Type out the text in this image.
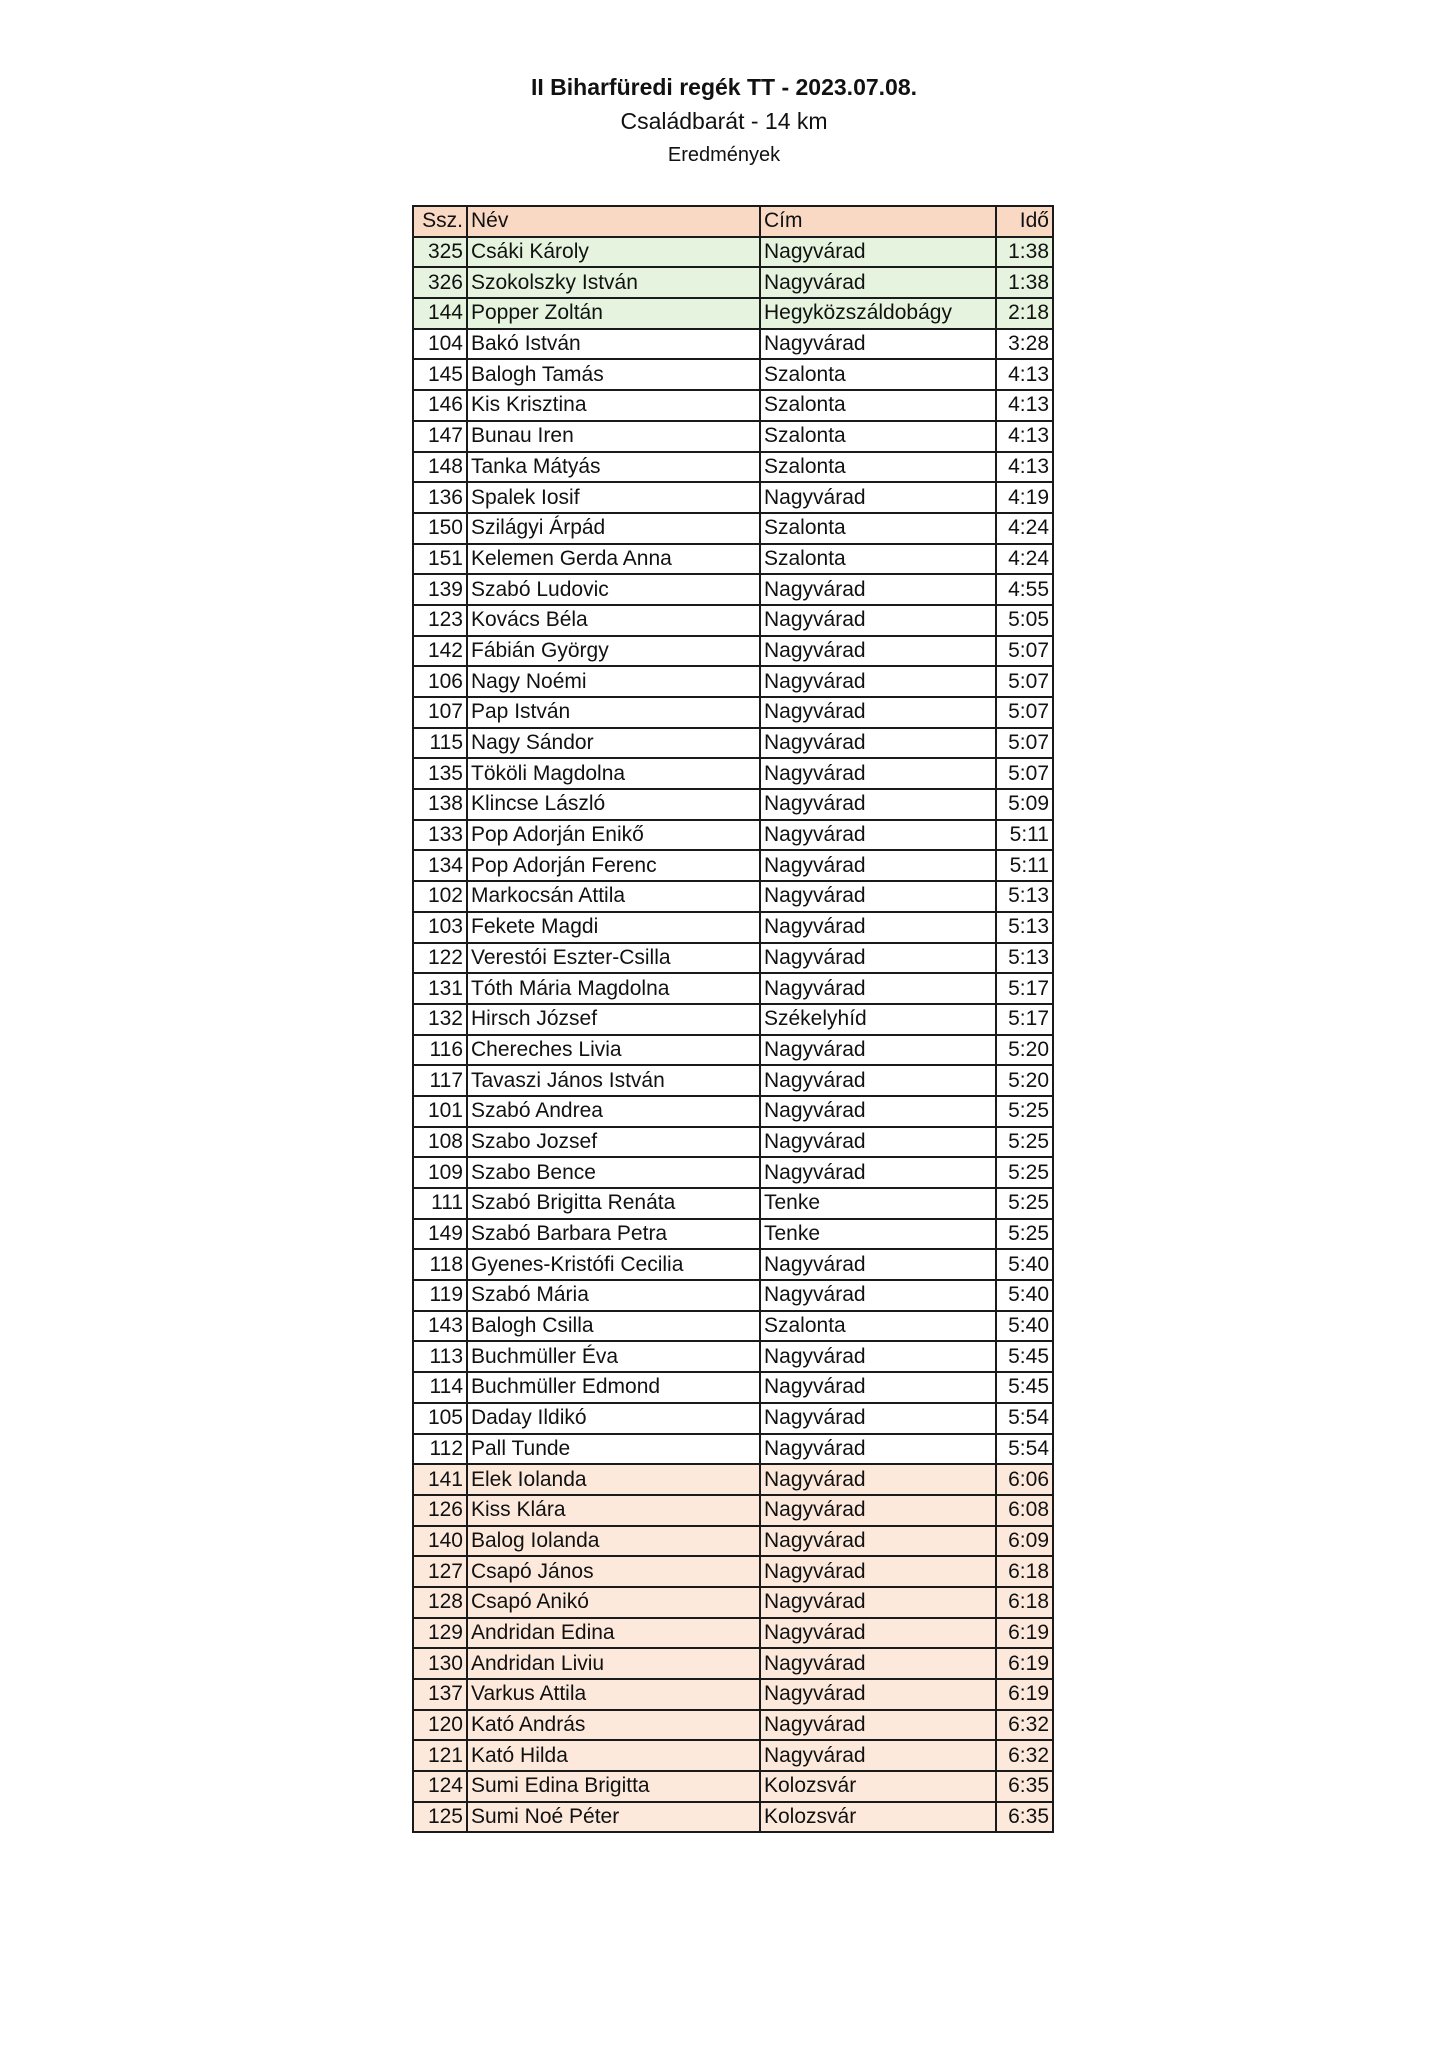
II Biharfüredi regék TT - 2023.07.08.
Családbarát - 14 km
Eredmények
Ssz.	Név	Cím	Idő
325	Csáki Károly	Nagyvárad	1:38
326	Szokolszky István	Nagyvárad	1:38
144	Popper Zoltán	Hegyközszáldobágy	2:18
104	Bakó István	Nagyvárad	3:28
145	Balogh Tamás	Szalonta	4:13
146	Kis Krisztina	Szalonta	4:13
147	Bunau Iren	Szalonta	4:13
148	Tanka Mátyás	Szalonta	4:13
136	Spalek Iosif	Nagyvárad	4:19
150	Szilágyi Árpád	Szalonta	4:24
151	Kelemen Gerda Anna	Szalonta	4:24
139	Szabó Ludovic	Nagyvárad	4:55
123	Kovács Béla	Nagyvárad	5:05
142	Fábián György	Nagyvárad	5:07
106	Nagy Noémi	Nagyvárad	5:07
107	Pap István	Nagyvárad	5:07
115	Nagy Sándor	Nagyvárad	5:07
135	Tököli Magdolna	Nagyvárad	5:07
138	Klincse László	Nagyvárad	5:09
133	Pop Adorján Enikő	Nagyvárad	5:11
134	Pop Adorján Ferenc	Nagyvárad	5:11
102	Markocsán Attila	Nagyvárad	5:13
103	Fekete Magdi	Nagyvárad	5:13
122	Verestói Eszter-Csilla	Nagyvárad	5:13
131	Tóth Mária Magdolna	Nagyvárad	5:17
132	Hirsch József	Székelyhíd	5:17
116	Chereches Livia	Nagyvárad	5:20
117	Tavaszi János István	Nagyvárad	5:20
101	Szabó Andrea	Nagyvárad	5:25
108	Szabo Jozsef	Nagyvárad	5:25
109	Szabo Bence	Nagyvárad	5:25
111	Szabó Brigitta Renáta	Tenke	5:25
149	Szabó Barbara Petra	Tenke	5:25
118	Gyenes-Kristófi Cecilia	Nagyvárad	5:40
119	Szabó Mária	Nagyvárad	5:40
143	Balogh Csilla	Szalonta	5:40
113	Buchmüller Éva	Nagyvárad	5:45
114	Buchmüller Edmond	Nagyvárad	5:45
105	Daday Ildikó	Nagyvárad	5:54
112	Pall Tunde	Nagyvárad	5:54
141	Elek Iolanda	Nagyvárad	6:06
126	Kiss Klára	Nagyvárad	6:08
140	Balog Iolanda	Nagyvárad	6:09
127	Csapó János	Nagyvárad	6:18
128	Csapó Anikó	Nagyvárad	6:18
129	Andridan Edina	Nagyvárad	6:19
130	Andridan Liviu	Nagyvárad	6:19
137	Varkus Attila	Nagyvárad	6:19
120	Kató András	Nagyvárad	6:32
121	Kató Hilda	Nagyvárad	6:32
124	Sumi Edina Brigitta	Kolozsvár	6:35
125	Sumi Noé Péter	Kolozsvár	6:35
